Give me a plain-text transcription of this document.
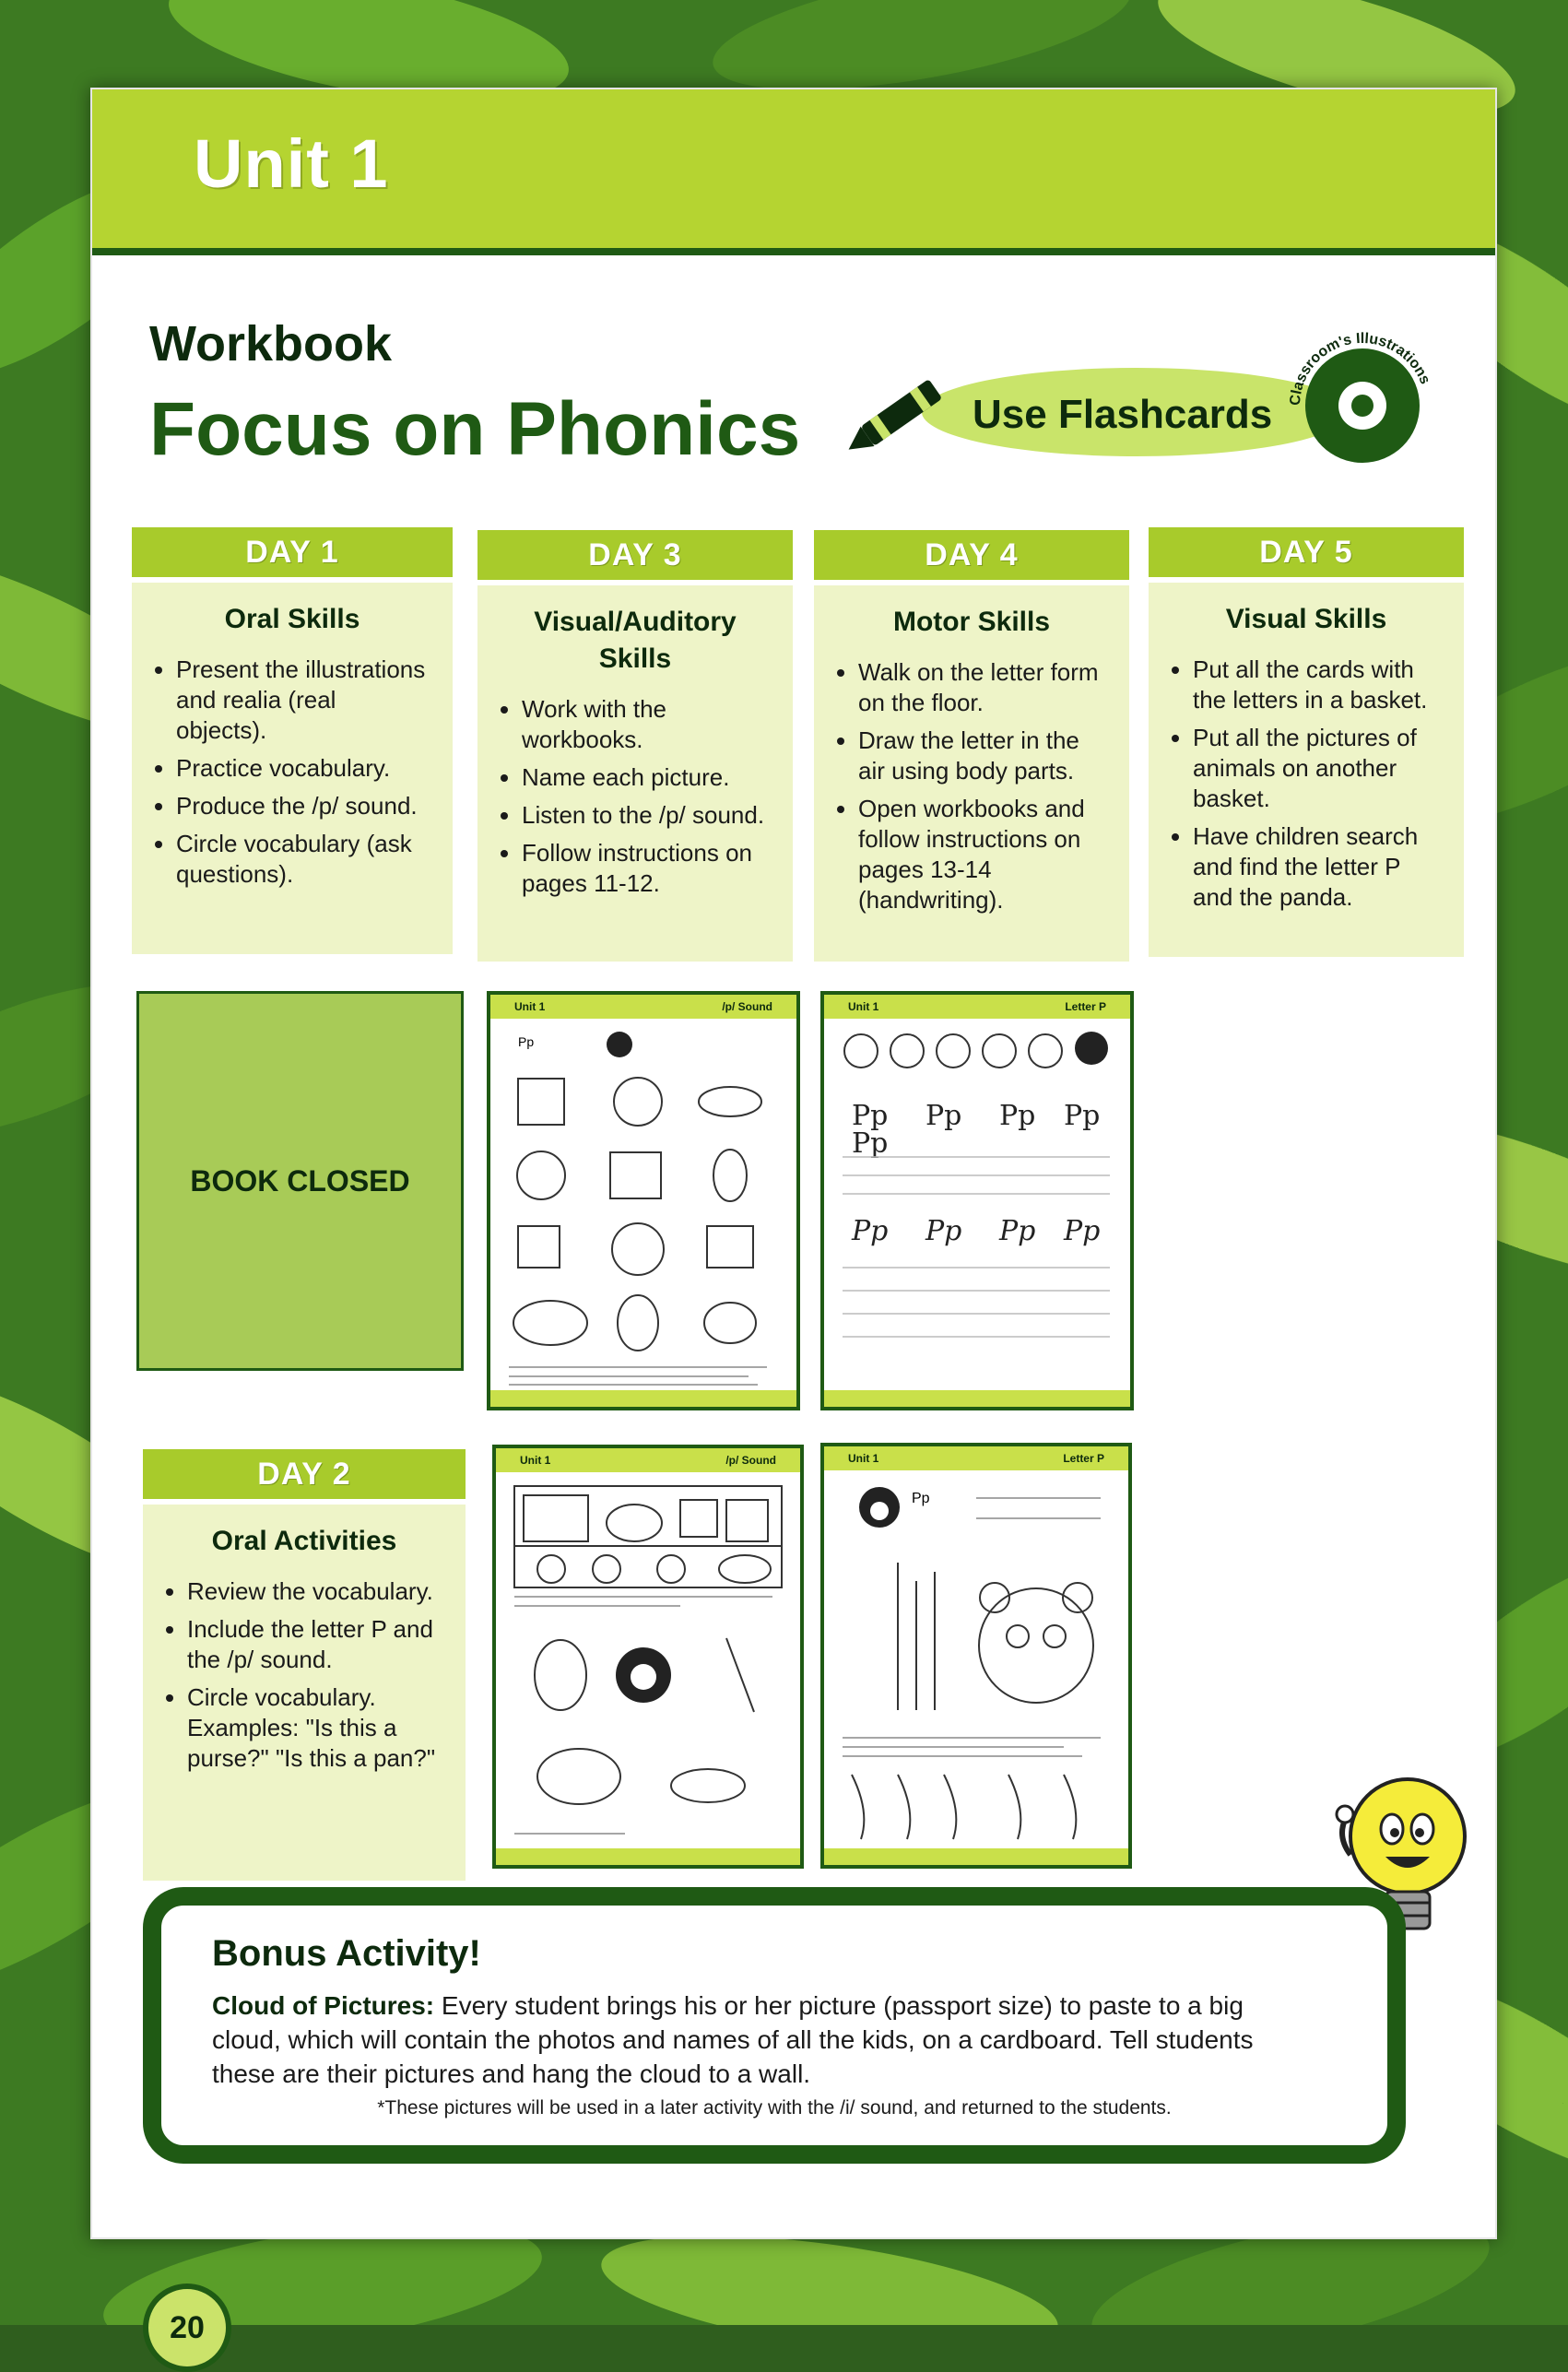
Unit 1
Workbook
Focus on Phonics	Use Flashcards Classroom's Illustrations
DAY 1
Oral Skills
• Present the illustrations and realia (real objects).
• Practice vocabulary.
• Produce the /p/ sound.
• Circle vocabulary (ask questions).
DAY 3
Visual/Auditory Skills
• Work with the workbooks.
• Name each picture.
• Listen to the /p/ sound.
• Follow instructions on pages 11-12.
DAY 4
Motor Skills
• Walk on the letter form on the floor.
• Draw the letter in the air using body parts.
• Open workbooks and follow instructions on pages 13-14 (handwriting).
DAY 5
Visual Skills
• Put all the cards with the letters in a basket.
• Put all the pictures of animals on another basket.
• Have children search and find the letter P and the panda.
BOOK CLOSED
Unit 1	/p/ Sound
Pp
Unit 1	Letter P
Pp Pp Pp Pp
Pp
Pp Pp Pp Pp
DAY 2
Oral Activities
• Review the vocabulary.
• Include the letter P and the /p/ sound.
• Circle vocabulary. Examples: "Is this a purse?" "Is this a pan?"
Unit 1	/p/ Sound	Unit 1	Letter P
Pp
Bonus Activity!
Cloud of Pictures: Every student brings his or her picture (passport size) to paste to a big cloud, which will contain the photos and names of all the kids, on a cardboard. Tell students these are their pictures and hang the cloud to a wall.
*These pictures will be used in a later activity with the /i/ sound, and returned to the students.
20
